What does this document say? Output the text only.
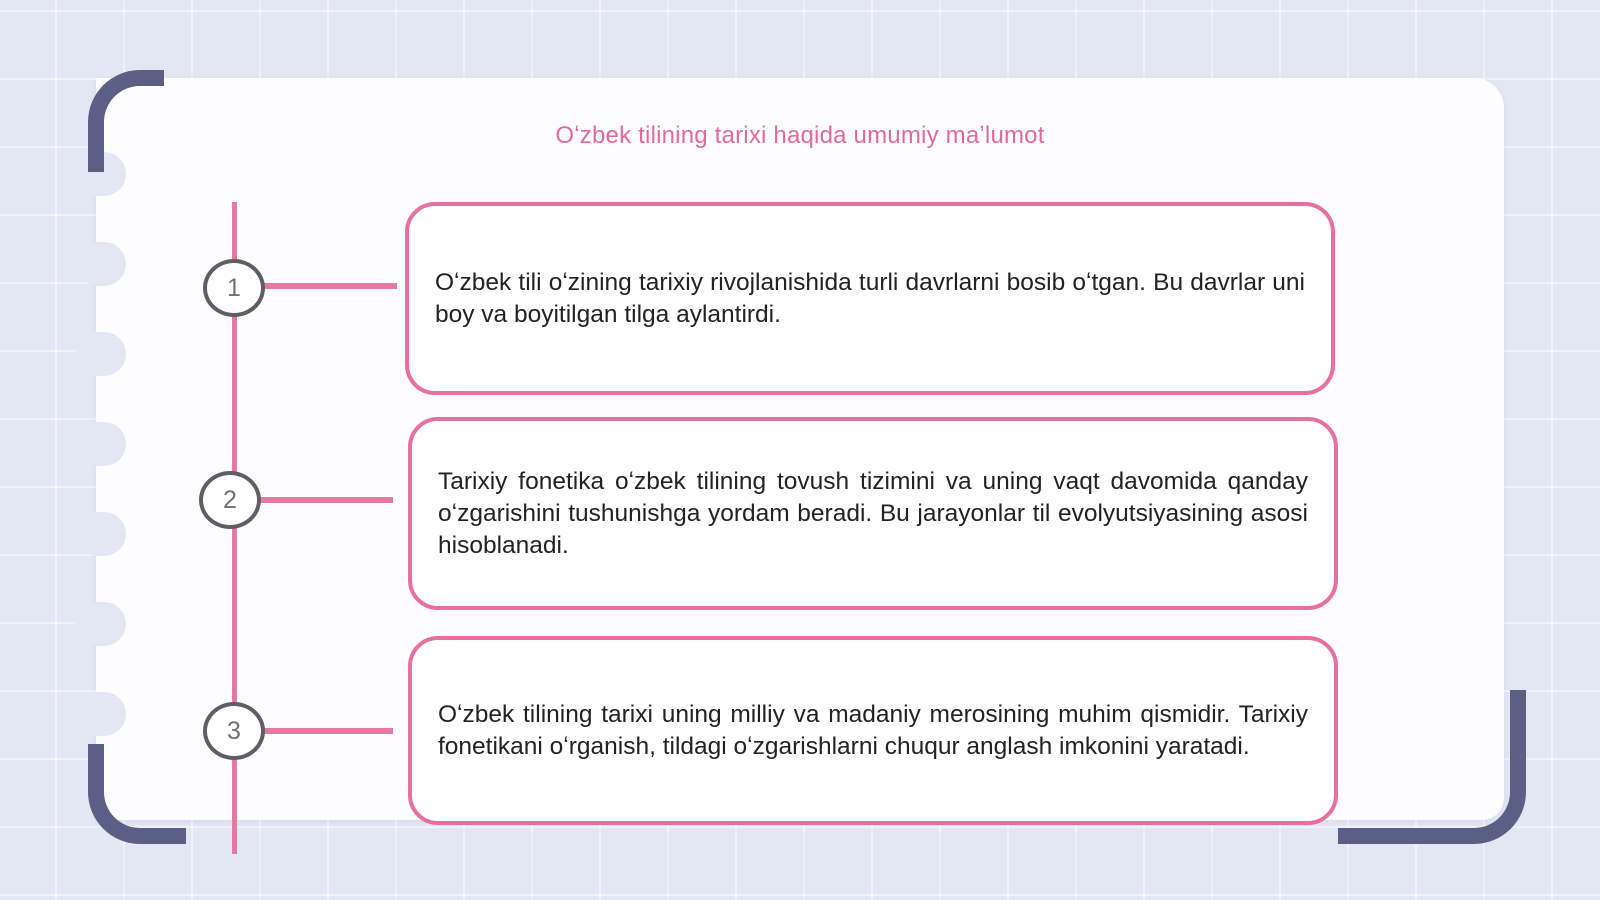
Oʻzbek tilining tarixi haqida umumiy maʼlumot
1	Oʻzbek tili oʻzining tarixiy rivojlanishida turli davrlarni bosib oʻtgan. Bu davrlar uni boy va boyitilgan tilga aylantirdi.

2

Tarixiy fonetika oʻzbek tilining tovush tizimini va uning vaqt davomida qanday oʻzgarishini tushunishga yordam beradi. Bu jarayonlar til evolyutsiyasining asosi hisoblanadi.

3

Oʻzbek tilining tarixi uning milliy va madaniy merosining muhim qismidir. Tarixiy fonetikani oʻrganish, tildagi oʻzgarishlarni chuqur anglash imkonini yaratadi.
